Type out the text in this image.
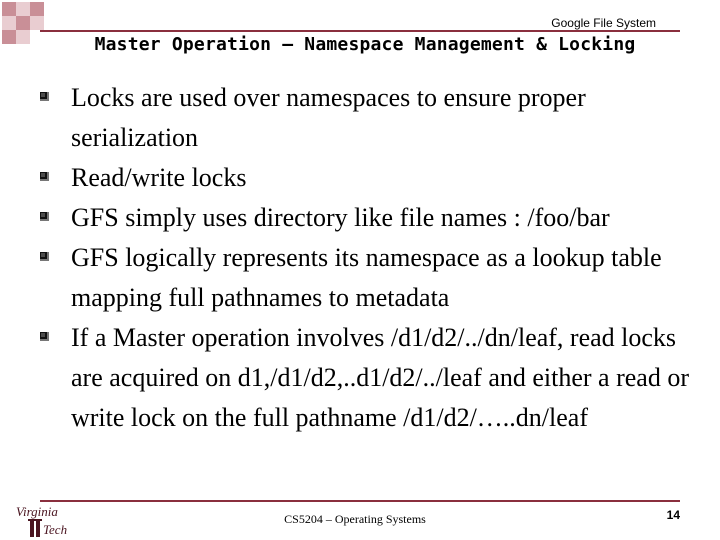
Google File System
Master Operation – Namespace Management & Locking
Locks are used over namespaces to ensure proper serialization
Read/write locks
GFS simply uses directory like file names : /foo/bar
GFS logically represents its namespace as a lookup table mapping full pathnames to metadata
If a Master operation involves /d1/d2/../dn/leaf, read locks are acquired on d1,/d1/d2,..d1/d2/../leaf and either a read or write lock on the full pathname /d1/d2/…..dn/leaf
Virginia
Tech
CS5204 – Operating Systems	14
